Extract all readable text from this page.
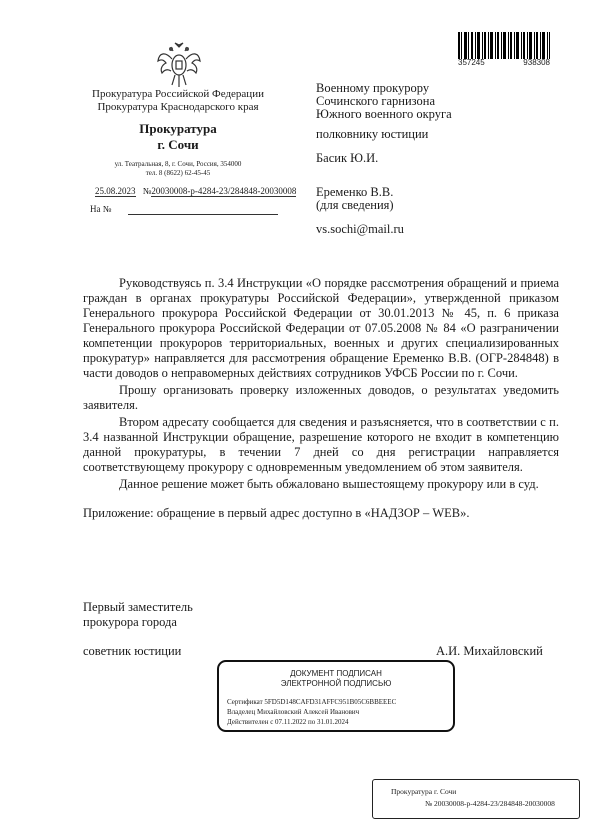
357245	938308
Прокуратура Российской Федерации
Прокуратура Краснодарского края
Прокуратура
г. Сочи
ул. Театральная, 8, г. Сочи, Россия, 354000
тел. 8 (8622) 62-45-45
25.08.2023 №20030008-р-4284-23/284848-20030008
На №
Военному прокурору
Сочинского гарнизона
Южного военного округа
полковнику юстиции
Басик Ю.И.
Еременко В.В.
(для сведения)
vs.sochi@mail.ru

Руководствуясь п. 3.4 Инструкции «О порядке рассмотрения обращений и приема граждан в органах прокуратуры Российской Федерации», утвержденной приказом Генерального прокурора Российской Федерации от 30.01.2013 № 45, п. 6 приказа Генерального прокурора Российской Федерации от 07.05.2008 № 84 «О разграничении компетенции прокуроров территориальных, военных и других специализированных прокуратур» направляется для рассмотрения обращение Еременко В.В. (ОГР-284848) в части доводов о неправомерных действиях сотрудников УФСБ России по г. Сочи.

Прошу организовать проверку изложенных доводов, о результатах уведомить заявителя.

Втором адресату сообщается для сведения и разъясняется, что в соответствии с п. 3.4 названной Инструкции обращение, разрешение которого не входит в компетенцию данной прокуратуры, в течении 7 дней со дня регистрации направляется соответствующему прокурору с одновременным уведомлением об этом заявителя.

Данное решение может быть обжаловано вышестоящему прокурору или в суд.

Приложение: обращение в первый адрес доступно в «НАДЗОР – WEB».

Первый заместитель
прокурора города
советник юстиции	А.И. Михайловский
ДОКУМЕНТ ПОДПИСАН
ЭЛЕКТРОННОЙ ПОДПИСЬЮ
Сертификат 5FD5D148CAFD31AFFC951B05C6BBEEEC
Владелец Михайловский Алексей Иванович
Действителен с 07.11.2022 по 31.01.2024
Прокуратура г. Сочи
№ 20030008-р-4284-23/284848-20030008
